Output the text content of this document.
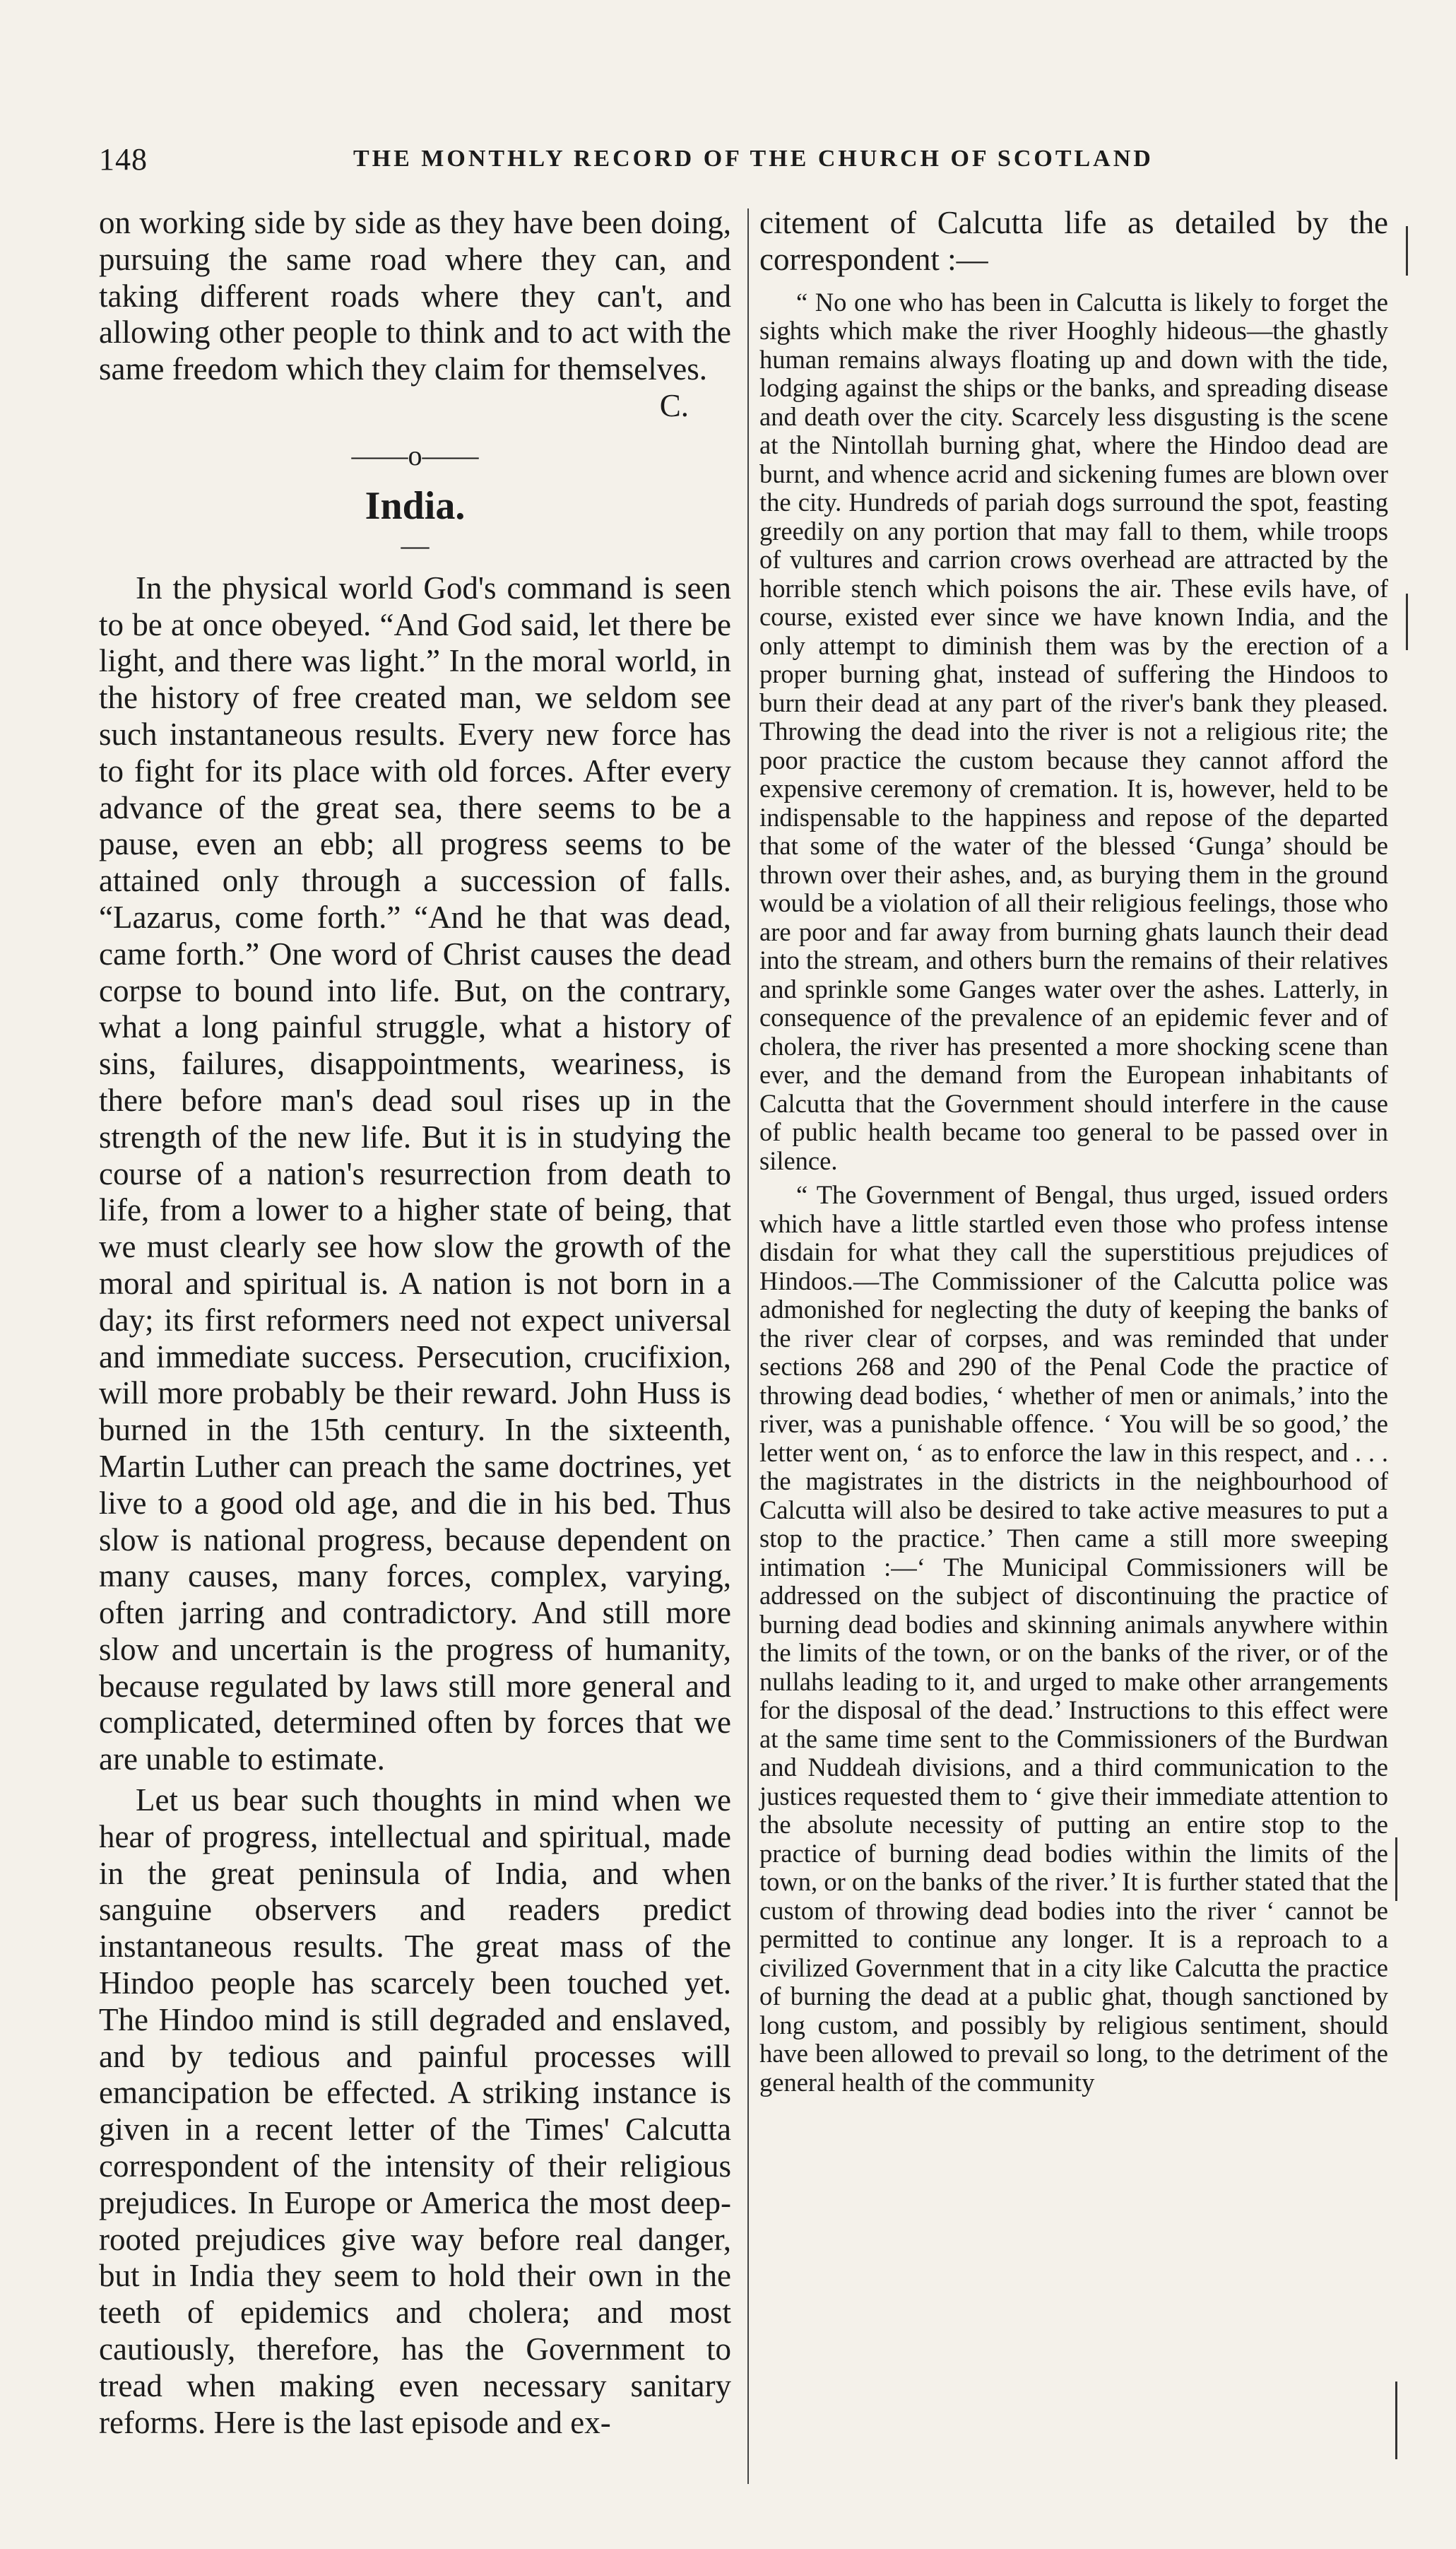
148	THE MONTHLY RECORD OF THE CHURCH OF SCOTLAND

on working side by side as they have been doing, pursuing the same road where they can, and taking different roads where they can't, and allowing other people to think and to act with the same freedom which they claim for themselves.

C.
——o——
India.
—

In the physical world God's command is seen to be at once obeyed. “And God said, let there be light, and there was light.” In the moral world, in the history of free created man, we seldom see such instantaneous results. Every new force has to fight for its place with old forces. After every advance of the great sea, there seems to be a pause, even an ebb; all progress seems to be attained only through a succession of falls. “Lazarus, come forth.” “And he that was dead, came forth.” One word of Christ causes the dead corpse to bound into life. But, on the contrary, what a long painful struggle, what a history of sins, failures, disappointments, weariness, is there before man's dead soul rises up in the strength of the new life. But it is in studying the course of a nation's resurrection from death to life, from a lower to a higher state of being, that we must clearly see how slow the growth of the moral and spiritual is. A nation is not born in a day; its first reformers need not expect universal and immediate success. Persecution, crucifixion, will more probably be their reward. John Huss is burned in the 15th century. In the sixteenth, Martin Luther can preach the same doctrines, yet live to a good old age, and die in his bed. Thus slow is national progress, because dependent on many causes, many forces, complex, varying, often jarring and contradictory. And still more slow and uncertain is the progress of humanity, because regulated by laws still more general and complicated, determined often by forces that we are unable to estimate.

Let us bear such thoughts in mind when we hear of progress, intellectual and spiritual, made in the great peninsula of India, and when sanguine observers and readers predict instantaneous results. The great mass of the Hindoo people has scarcely been touched yet. The Hindoo mind is still degraded and enslaved, and by tedious and painful processes will emancipation be effected. A striking instance is given in a recent letter of the Times' Calcutta correspondent of the intensity of their religious prejudices. In Europe or America the most deep-rooted prejudices give way before real danger, but in India they seem to hold their own in the teeth of epidemics and cholera; and most cautiously, therefore, has the Government to tread when making even necessary sanitary reforms. Here is the last episode and ex-

citement of Calcutta life as detailed by the correspondent :—

“ No one who has been in Calcutta is likely to forget the sights which make the river Hooghly hideous—the ghastly human remains always floating up and down with the tide, lodging against the ships or the banks, and spreading disease and death over the city. Scarcely less disgusting is the scene at the Nintollah burning ghat, where the Hindoo dead are burnt, and whence acrid and sickening fumes are blown over the city. Hundreds of pariah dogs surround the spot, feasting greedily on any portion that may fall to them, while troops of vultures and carrion crows overhead are attracted by the horrible stench which poisons the air. These evils have, of course, existed ever since we have known India, and the only attempt to diminish them was by the erection of a proper burning ghat, instead of suffering the Hindoos to burn their dead at any part of the river's bank they pleased. Throwing the dead into the river is not a religious rite; the poor practice the custom because they cannot afford the expensive ceremony of cremation. It is, however, held to be indispensable to the happiness and repose of the departed that some of the water of the blessed ‘Gunga’ should be thrown over their ashes, and, as burying them in the ground would be a violation of all their religious feelings, those who are poor and far away from burning ghats launch their dead into the stream, and others burn the remains of their relatives and sprinkle some Ganges water over the ashes. Latterly, in consequence of the prevalence of an epidemic fever and of cholera, the river has presented a more shocking scene than ever, and the demand from the European inhabitants of Calcutta that the Government should interfere in the cause of public health became too general to be passed over in silence.

“ The Government of Bengal, thus urged, issued orders which have a little startled even those who profess intense disdain for what they call the superstitious prejudices of Hindoos.—The Commissioner of the Calcutta police was admonished for neglecting the duty of keeping the banks of the river clear of corpses, and was reminded that under sections 268 and 290 of the Penal Code the practice of throwing dead bodies, ‘ whether of men or animals,’ into the river, was a punishable offence. ‘ You will be so good,’ the letter went on, ‘ as to enforce the law in this respect, and . . . the magistrates in the districts in the neighbourhood of Calcutta will also be desired to take active measures to put a stop to the practice.’ Then came a still more sweeping intimation :—‘ The Municipal Commissioners will be addressed on the subject of discontinuing the practice of burning dead bodies and skinning animals anywhere within the limits of the town, or on the banks of the river, or of the nullahs leading to it, and urged to make other arrangements for the disposal of the dead.’ Instructions to this effect were at the same time sent to the Commissioners of the Burdwan and Nuddeah divisions, and a third communication to the justices requested them to ‘ give their immediate attention to the absolute necessity of putting an entire stop to the practice of burning dead bodies within the limits of the town, or on the banks of the river.’ It is further stated that the custom of throwing dead bodies into the river ‘ cannot be permitted to continue any longer. It is a reproach to a civilized Government that in a city like Calcutta the practice of burning the dead at a public ghat, though sanctioned by long custom, and possibly by religious sentiment, should have been allowed to prevail so long, to the detriment of the general health of the community
